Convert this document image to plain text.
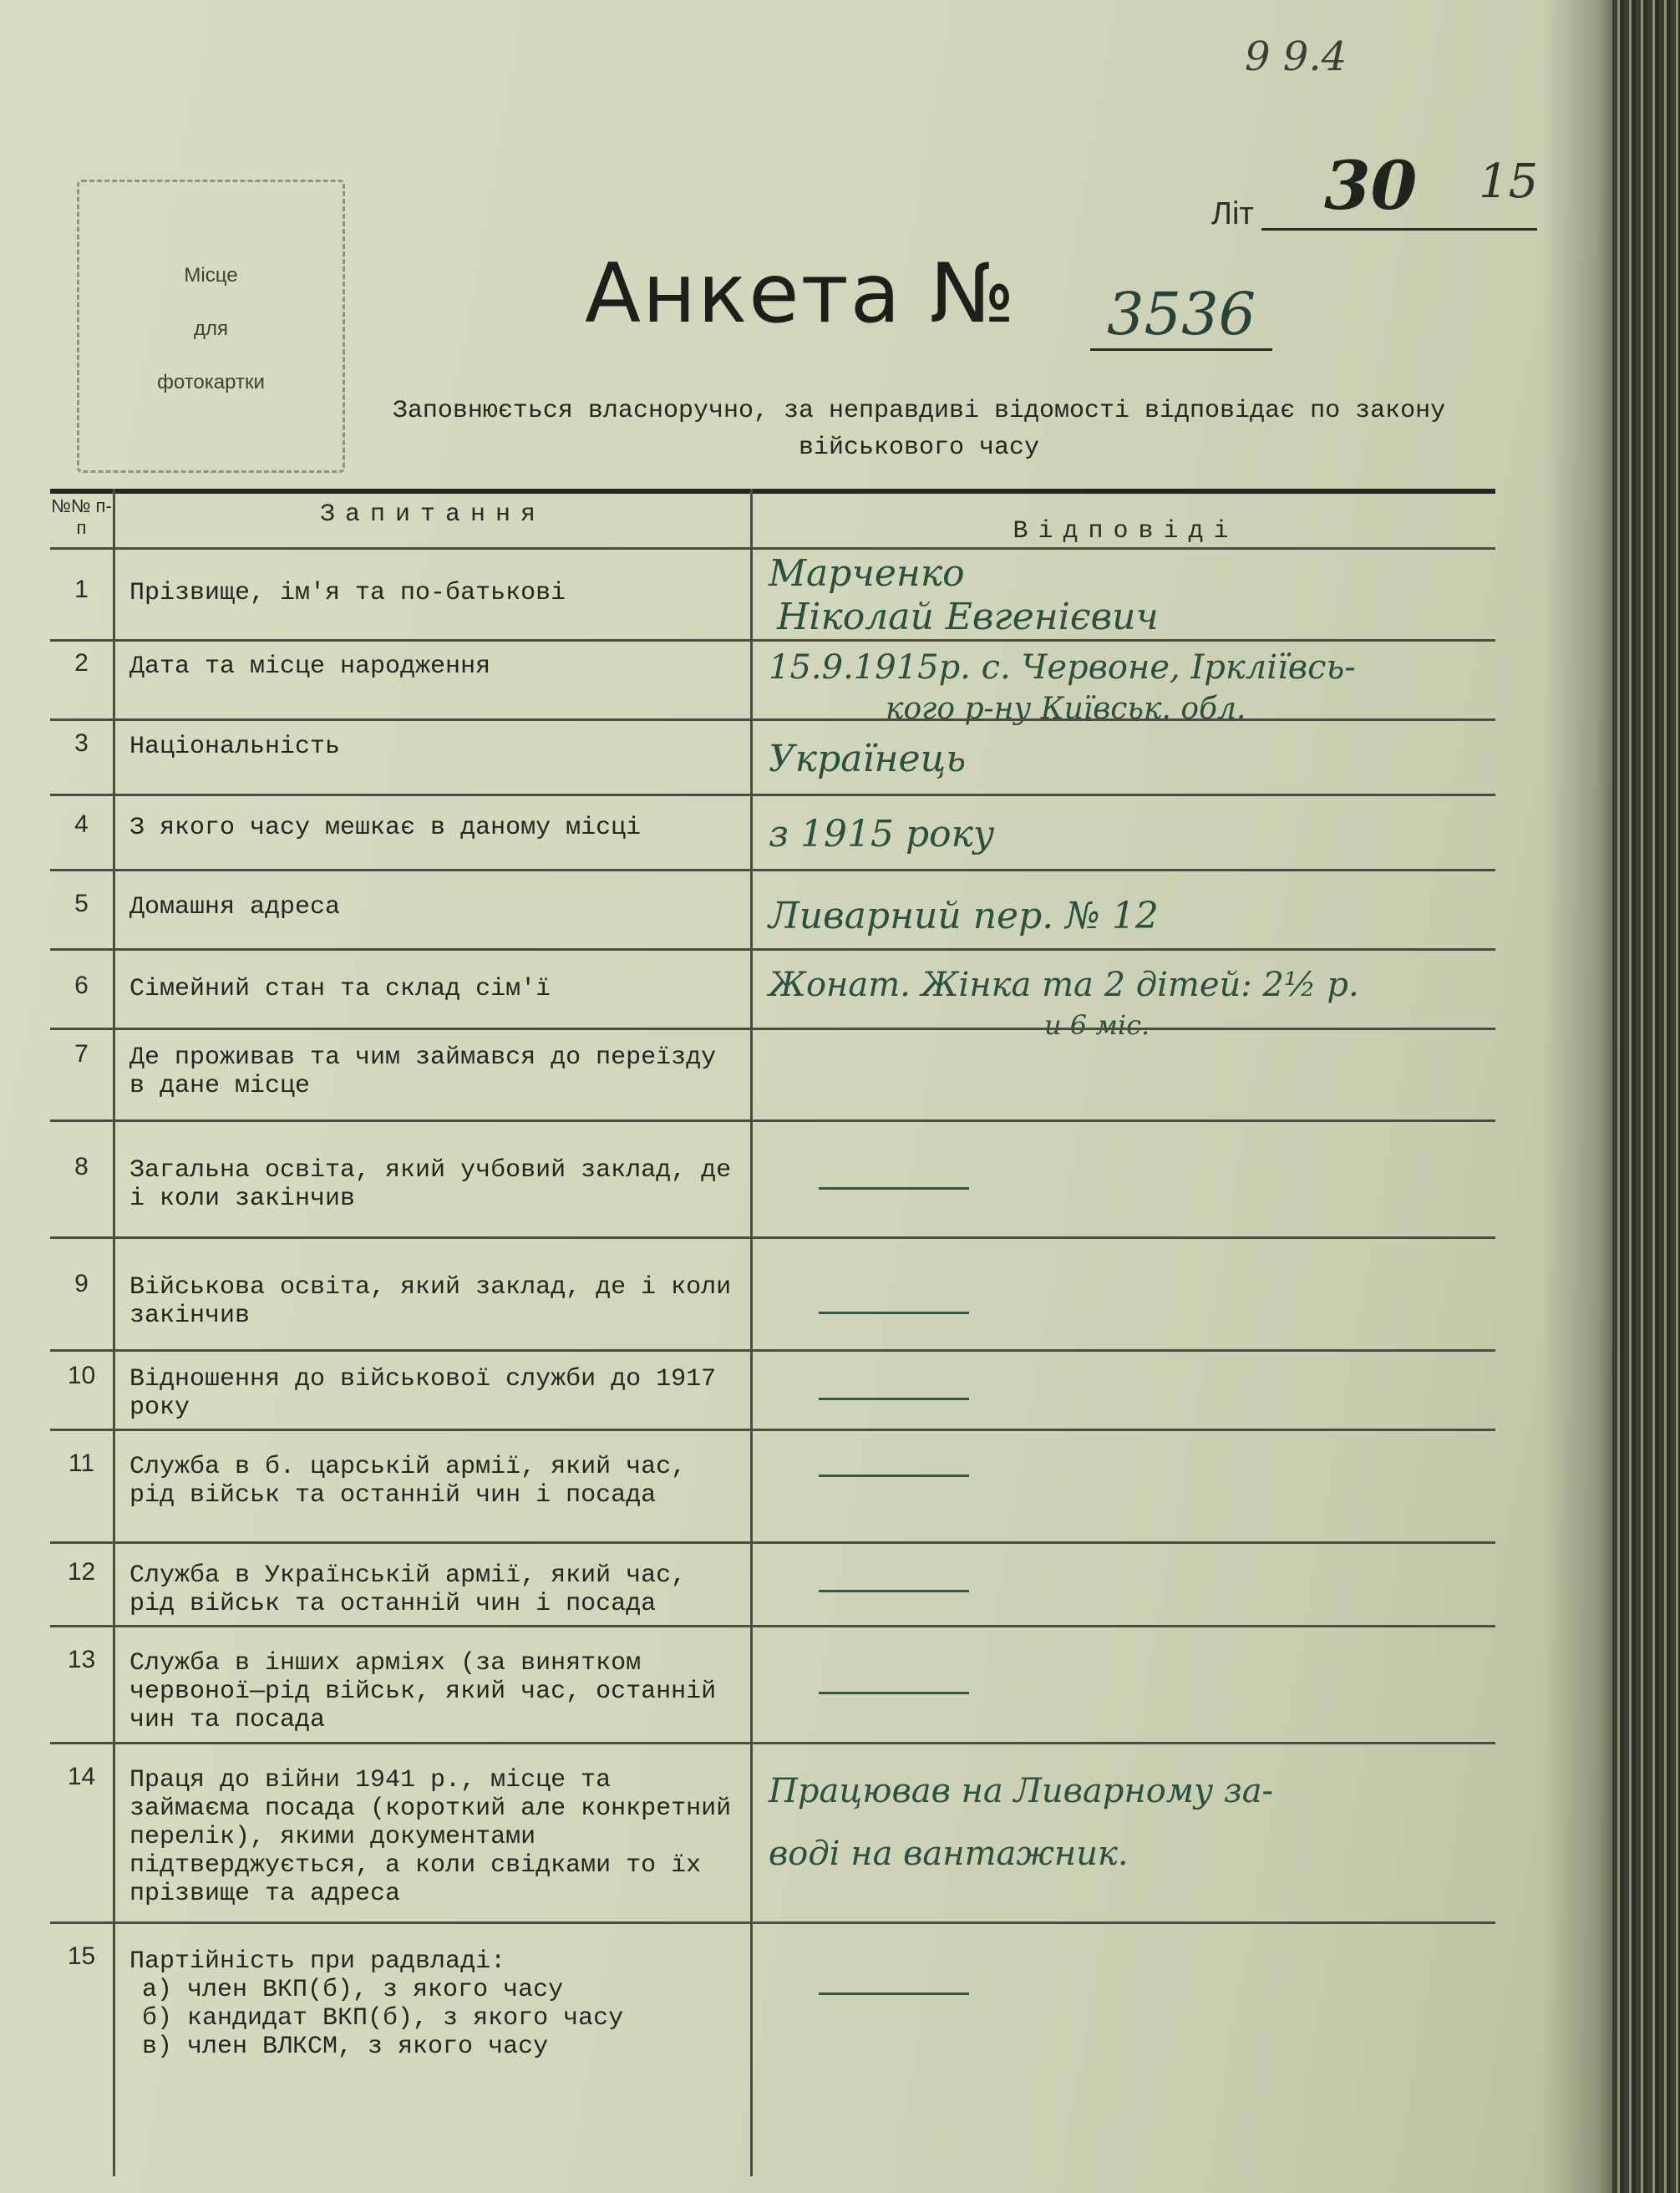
9 9.4
Літ 30 15
Місце
для
фотокартки
Анкета № 3536
Заповнюється власноручно, за неправдиві відомості відповідає по закону
військового часу
№№ п-п	Запитання
Відповіді
1	Прізвище, ім'я та по-батькові	Марченко
Ніколай Евгенієвич
2	Дата та місце народження	15.9.1915р. с. Червоне, Іркліївсь-
кого р-ну Київськ. обл.
3	Національність	Українець
4	З якого часу мешкає в даному місці	з 1915 року
5	Домашня адреса	Ливарний пер. № 12
6	Сімейний стан та склад сім'ї	Жонат. Жінка та 2 дітей: 2½ р.
и 6 міс.
7	Де проживав та чим займався до переїзду в дане місце
8	Загальна освіта, який учбовий заклад, де і коли закінчив
9	Військова освіта, який заклад, де і коли закінчив
10	Відношення до військової служби до 1917 року
11	Служба в б. царській армії, який час, рід військ та останній чин і посада
12	Служба в Українській армії, який час, рід військ та останній чин і посада
13	Служба в інших арміях (за винятком червоної—рід військ, який час, останній чин та посада
14	Праця до війни 1941 р., місце та займаєма посада (короткий але конкретний перелік), якими документами підтверджується, а коли свідками то їх прізвище та адреса
Працював на Ливарному за-
воді на вантажник.
15	Партійність при радвладі:
а) член ВКП(б), з якого часу
б) кандидат ВКП(б), з якого часу
в) член ВЛКСМ, з якого часу
